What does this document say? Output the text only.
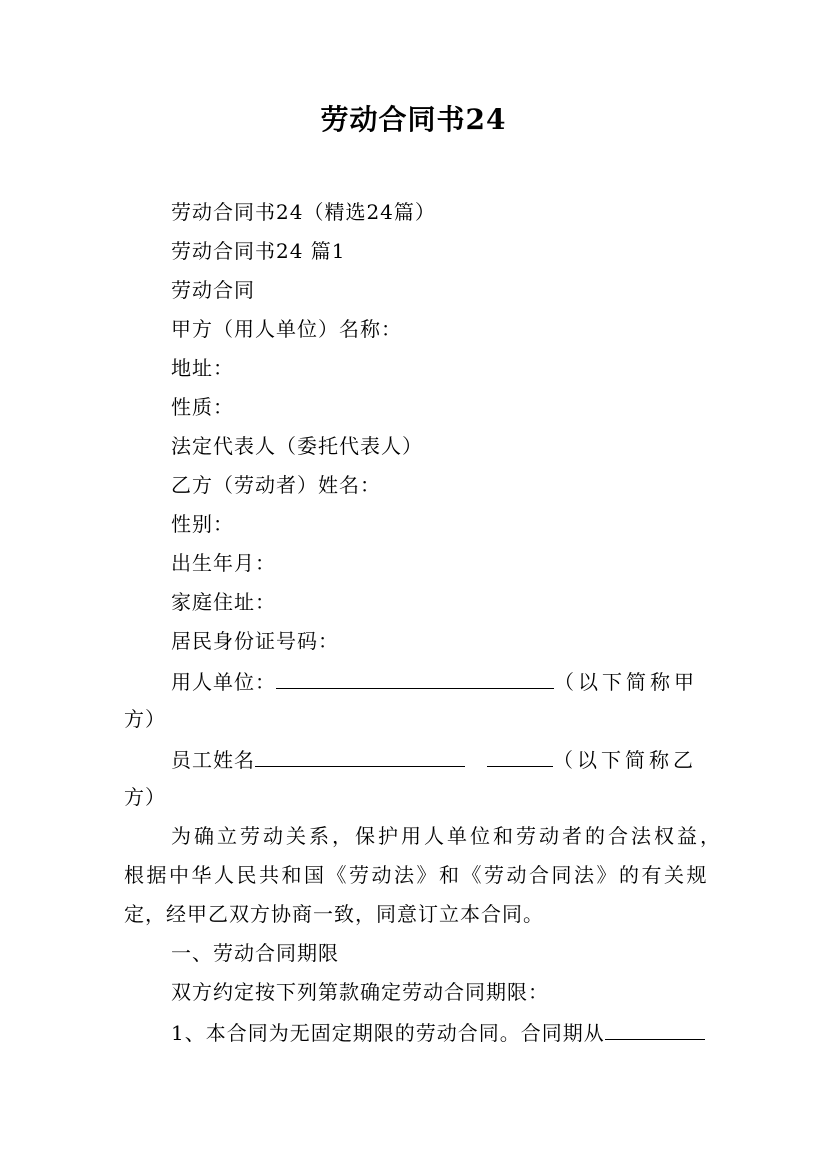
劳动合同书24
劳动合同书24（精选24篇）
劳动合同书24 篇1
劳动合同
甲方（用人单位）名称：
地址：
性质：
法定代表人（委托代表人）
乙方（劳动者）姓名：
性别：
出生年月：
家庭住址：
居民身份证号码：
用人单位：	（以下简称甲
方）
员工姓名	（以下简称乙
方）
为确立劳动关系，保护用人单位和劳动者的合法权益，
根据中华人民共和国《劳动法》和《劳动合同法》的有关规
定，经甲乙双方协商一致，同意订立本合同。
一、劳动合同期限
双方约定按下列第款确定劳动合同期限：
1、本合同为无固定期限的劳动合同。合同期从
